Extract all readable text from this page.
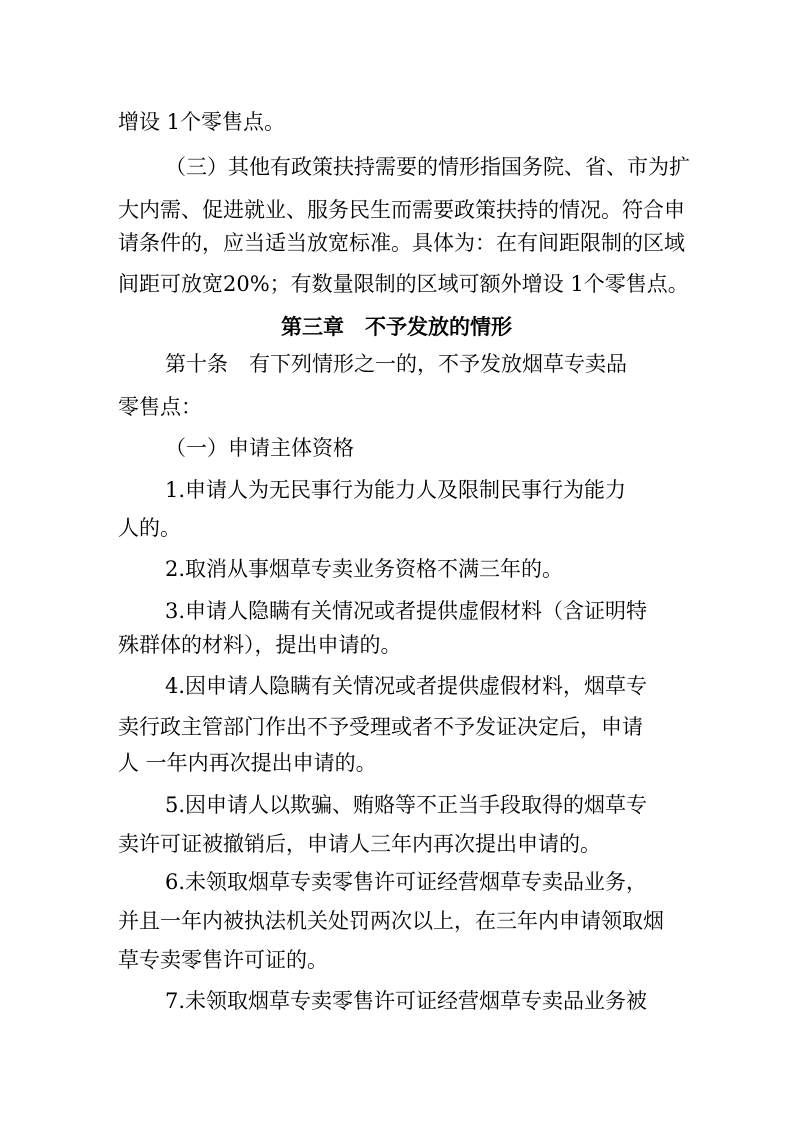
增设 1个零售点。
（三）其他有政策扶持需要的情形指国务院、省、市为扩
大内需、促进就业、服务民生而需要政策扶持的情况。符合申
请条件的，应当适当放宽标准。具体为：在有间距限制的区域
间距可放宽20%；有数量限制的区域可额外增设 1个零售点。
第三章　不予发放的情形
第十条　有下列情形之一的，不予发放烟草专卖品
零售点：
（一）申请主体资格
1.申请人为无民事行为能力人及限制民事行为能力
人的。
2.取消从事烟草专卖业务资格不满三年的。
3.申请人隐瞒有关情况或者提供虚假材料（含证明特
殊群体的材料），提出申请的。
4.因申请人隐瞒有关情况或者提供虚假材料，烟草专
卖行政主管部门作出不予受理或者不予发证决定后，申请
人 一年内再次提出申请的。
5.因申请人以欺骗、贿赂等不正当手段取得的烟草专
卖许可证被撤销后，申请人三年内再次提出申请的。
6.未领取烟草专卖零售许可证经营烟草专卖品业务，
并且一年内被执法机关处罚两次以上，在三年内申请领取烟
草专卖零售许可证的。
7.未领取烟草专卖零售许可证经营烟草专卖品业务被
